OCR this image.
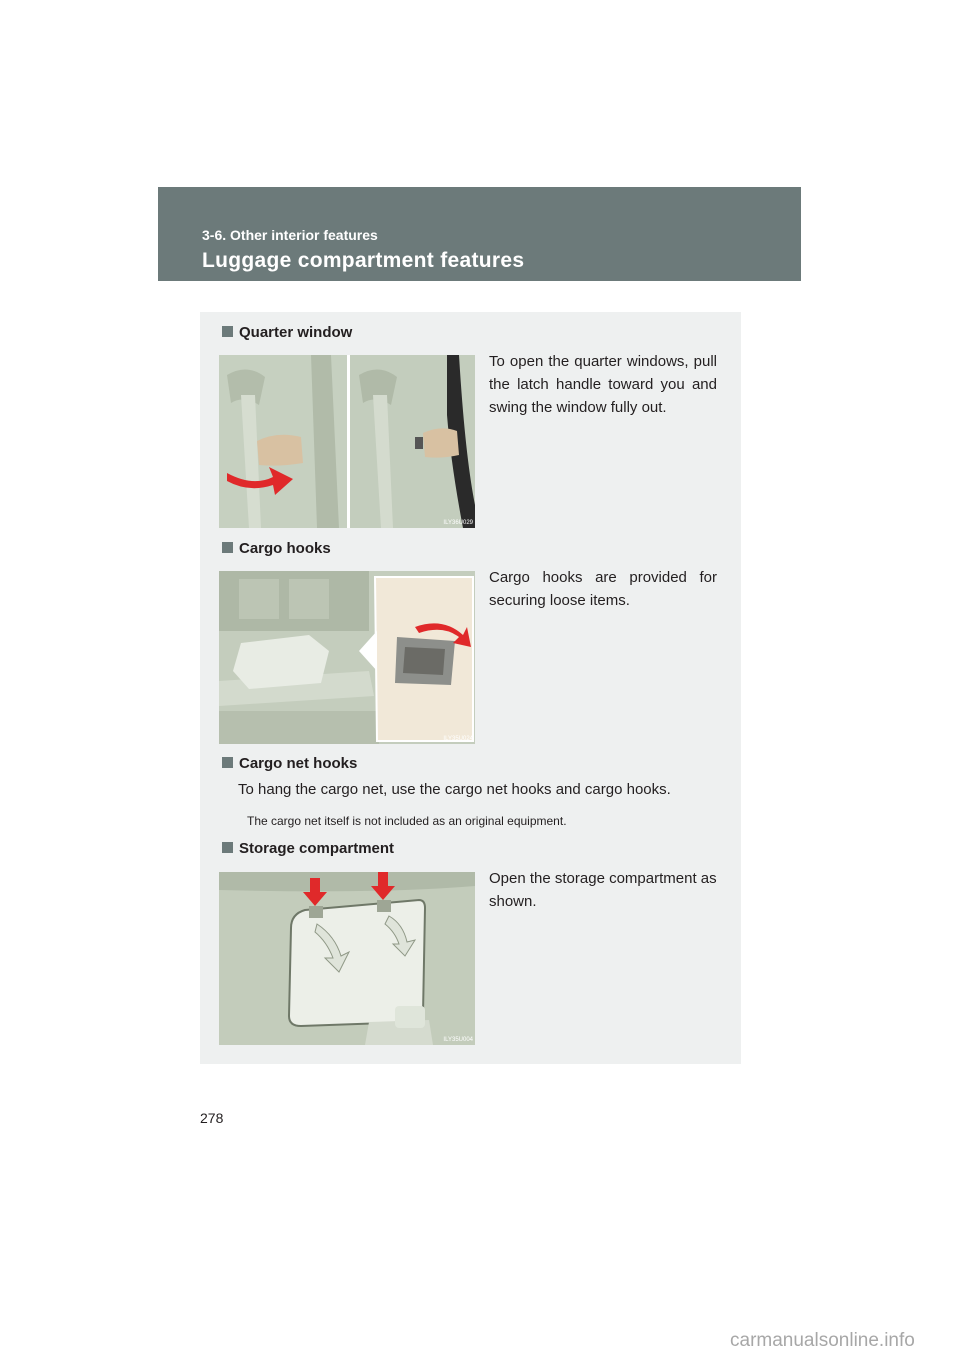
3-6. Other interior features
Luggage compartment features
Quarter window
ILY36U029
To open the quarter windows, pull the latch handle toward you and swing the window fully out.
Cargo hooks
ILY35U024
Cargo hooks are provided for securing loose items.
Cargo net hooks
To hang the cargo net, use the cargo net hooks and cargo hooks.
The cargo net itself is not included as an original equipment.
Storage compartment
ILY35U004
Open the storage compartment as shown.
278
carmanualsonline.info
